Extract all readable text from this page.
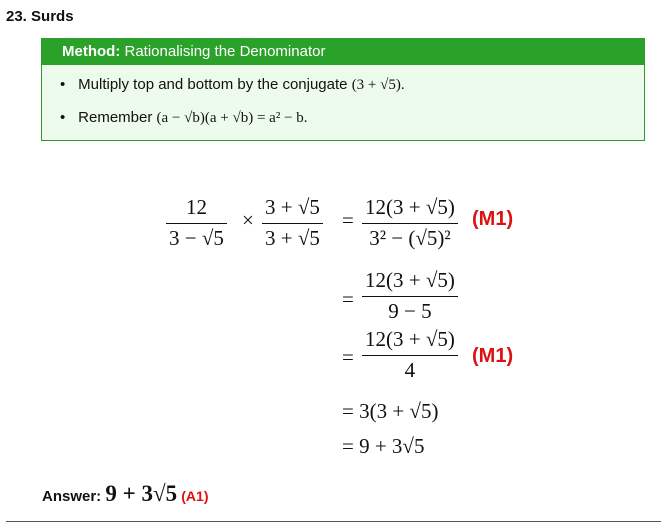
23. Surds
Method: Rationalising the Denominator
• Multiply top and bottom by the conjugate (3 + √5).
• Remember (a − √b)(a + √b) = a² − b.
12
3 − √5
×
3 + √5
3 + √5
=
12(3 + √5)
3² − (√5)²
(M1)
=
12(3 + √5)
9 − 5
=
12(3 + √5)
4
(M1)
= 3(3 + √5)
= 9 + 3√5
Answer: 9 + 3√5 (A1)
